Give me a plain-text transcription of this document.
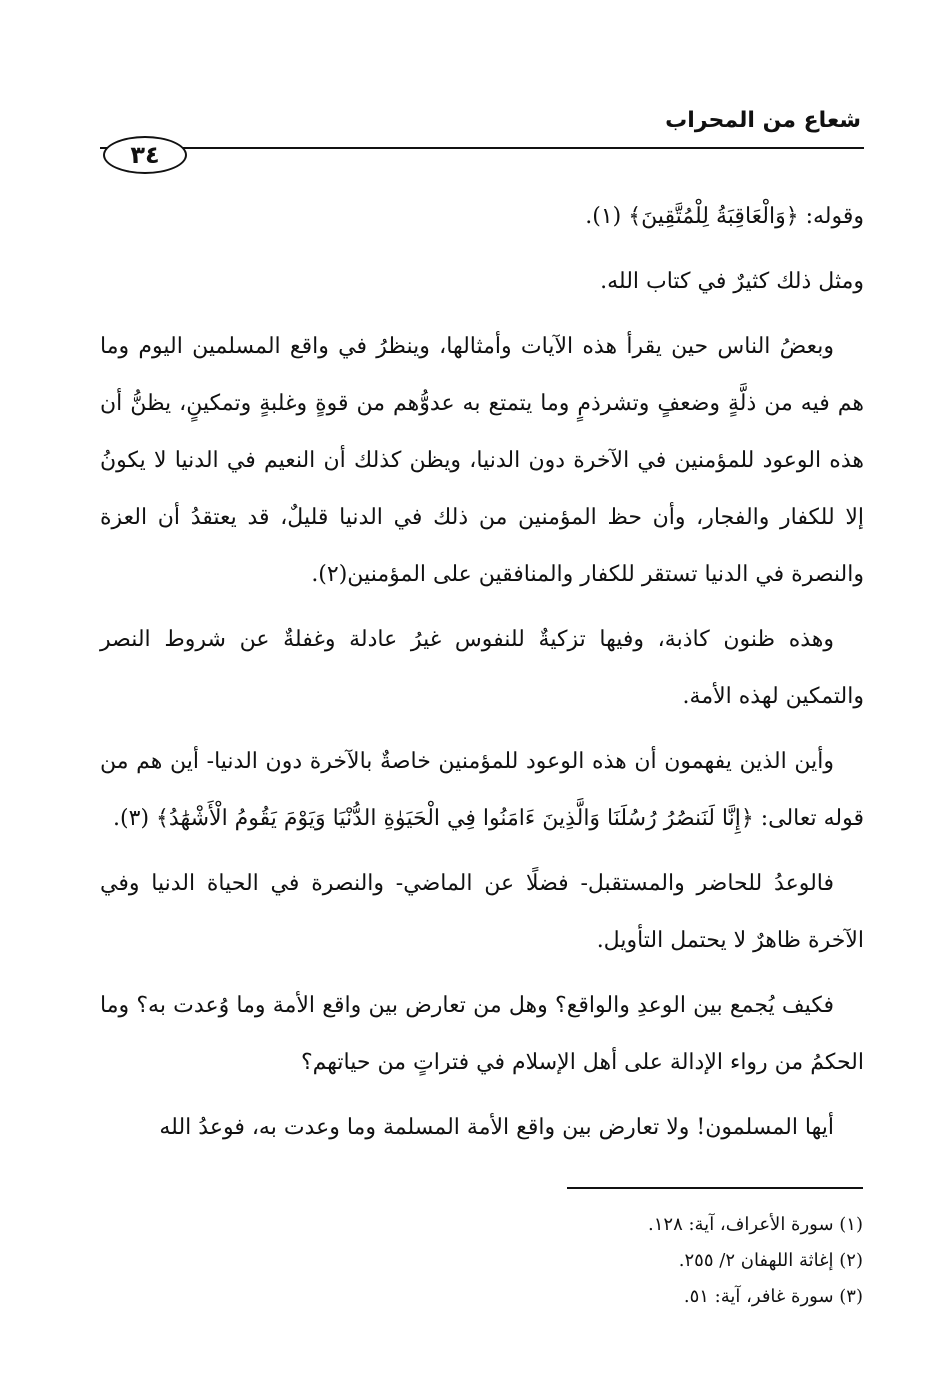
شعاع من المحراب
٣٤

وقوله: ﴿وَالْعَاقِبَةُ لِلْمُتَّقِينَ﴾ (١).

ومثل ذلك كثيرٌ في كتاب الله.

وبعضُ الناس حين يقرأ هذه الآيات وأمثالها، وينظرُ في واقع المسلمين اليوم وما هم فيه من ذلَّةٍ وضعفٍ وتشرذمٍ وما يتمتع به عدوُّهم من قوةٍ وغلبةٍ وتمكينٍ، يظنُّ أن هذه الوعود للمؤمنين في الآخرة دون الدنيا، ويظن كذلك أن النعيم في الدنيا لا يكونُ إلا للكفار والفجار، وأن حظ المؤمنين من ذلك في الدنيا قليلٌ، قد يعتقدُ أن العزة والنصرة في الدنيا تستقر للكفار والمنافقين على المؤمنين(٢).

وهذه ظنون كاذبة، وفيها تزكيةٌ للنفوس غيرُ عادلة وغفلةٌ عن شروط النصر والتمكين لهذه الأمة.

وأين الذين يفهمون أن هذه الوعود للمؤمنين خاصةٌ بالآخرة دون الدنيا- أين هم من قوله تعالى: ﴿إِنَّا لَنَنصُرُ رُسُلَنَا وَالَّذِينَ ءَامَنُوا فِي الْحَيَوٰةِ الدُّنْيَا وَيَوْمَ يَقُومُ الْأَشْهَٰدُ﴾ (٣).

فالوعدُ للحاضر والمستقبل- فضلًا عن الماضي- والنصرة في الحياة الدنيا وفي الآخرة ظاهرٌ لا يحتمل التأويل.

فكيف يُجمع بين الوعدِ والواقع؟ وهل من تعارض بين واقع الأمة وما وُعدت به؟ وما الحكمُ من رواء الإدالة على أهل الإسلام في فتراتٍ من حياتهم؟

أيها المسلمون! ولا تعارض بين واقع الأمة المسلمة وما وعدت به، فوعدُ الله

(١) سورة الأعراف، آية: ١٢٨.
(٢) إغاثة اللهفان ٢/ ٢٥٥.
(٣) سورة غافر، آية: ٥١.
